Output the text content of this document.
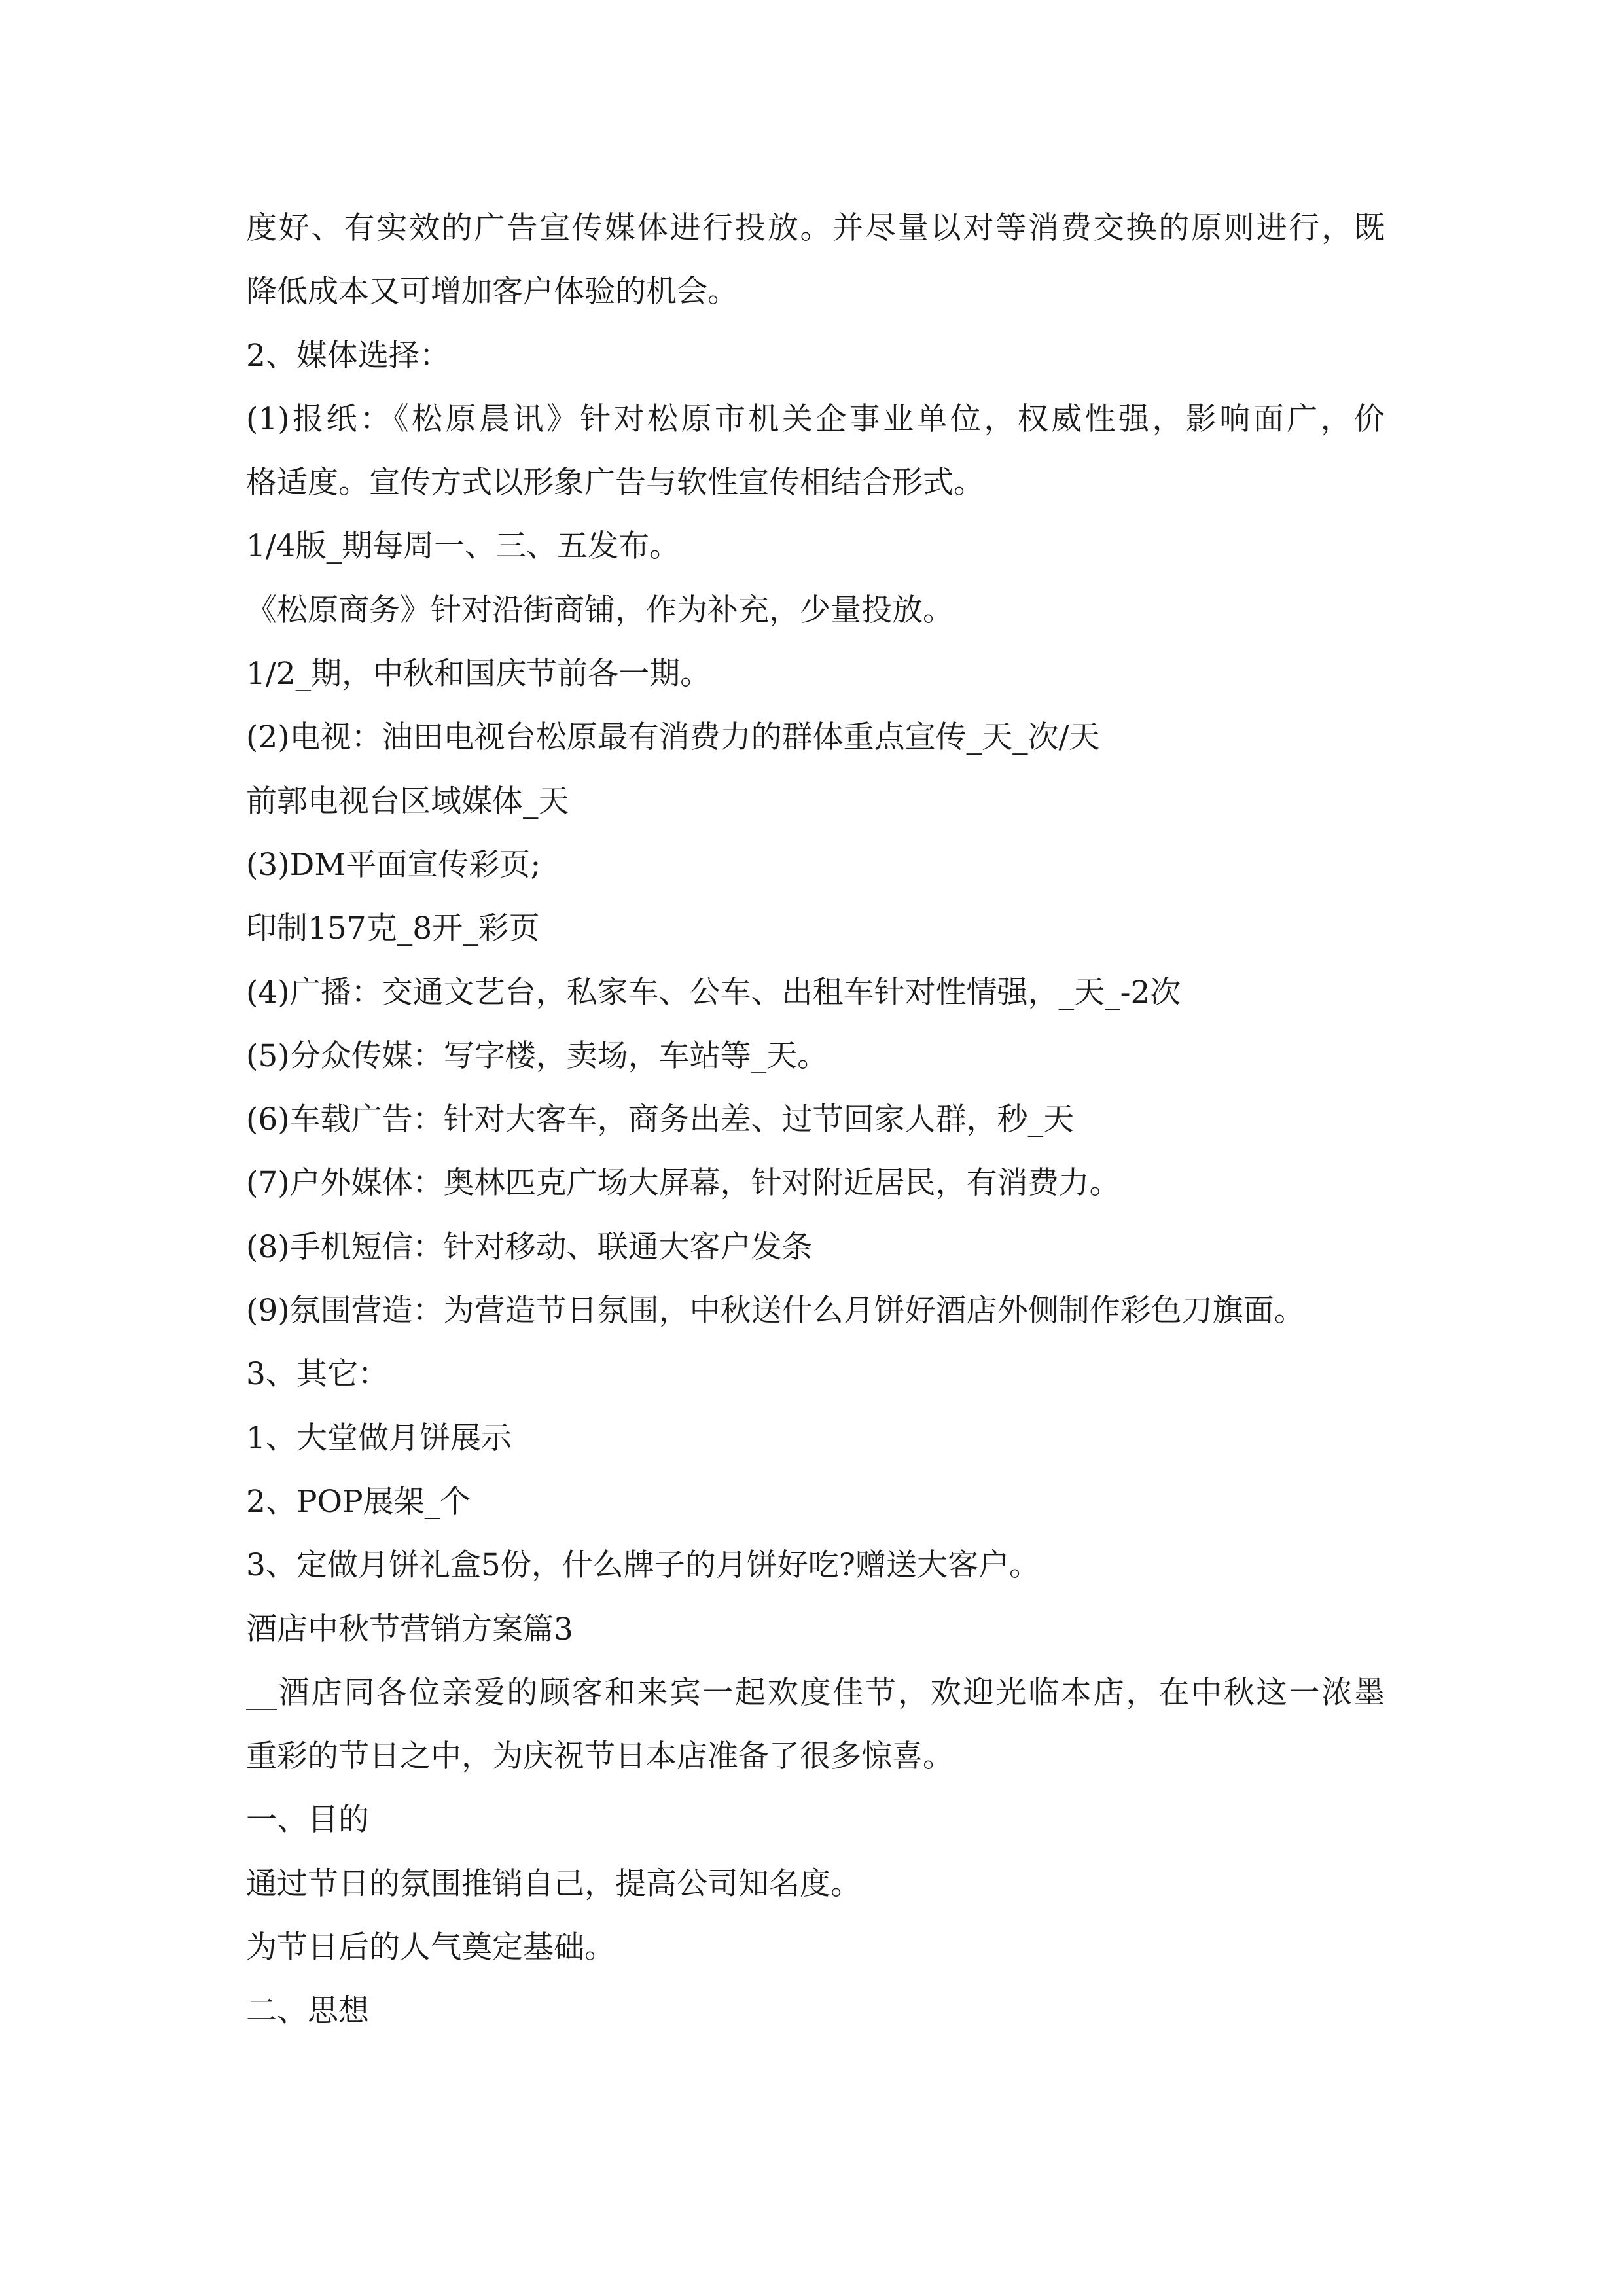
度好、有实效的广告宣传媒体进行投放。并尽量以对等消费交换的原则进行，既
降低成本又可增加客户体验的机会。
2、媒体选择：
(1)报纸：《松原晨讯》针对松原市机关企事业单位，权威性强，影响面广，价
格适度。宣传方式以形象广告与软性宣传相结合形式。
1/4版_期每周一、三、五发布。
《松原商务》针对沿街商铺，作为补充，少量投放。
1/2_期，中秋和国庆节前各一期。
(2)电视：油田电视台松原最有消费力的群体重点宣传_天_次/天
前郭电视台区域媒体_天
(3)DM平面宣传彩页;
印制157克_8开_彩页
(4)广播：交通文艺台，私家车、公车、出租车针对性情强，_天_-2次
(5)分众传媒：写字楼，卖场，车站等_天。
(6)车载广告：针对大客车，商务出差、过节回家人群，秒_天
(7)户外媒体：奥林匹克广场大屏幕，针对附近居民，有消费力。
(8)手机短信：针对移动、联通大客户发条
(9)氛围营造：为营造节日氛围，中秋送什么月饼好酒店外侧制作彩色刀旗面。
3、其它：
1、大堂做月饼展示
2、POP展架_个
3、定做月饼礼盒5份，什么牌子的月饼好吃?赠送大客户。
酒店中秋节营销方案篇3
__酒店同各位亲爱的顾客和来宾一起欢度佳节，欢迎光临本店，在中秋这一浓墨
重彩的节日之中，为庆祝节日本店准备了很多惊喜。
一、目的
通过节日的氛围推销自己，提高公司知名度。
为节日后的人气奠定基础。
二、思想
